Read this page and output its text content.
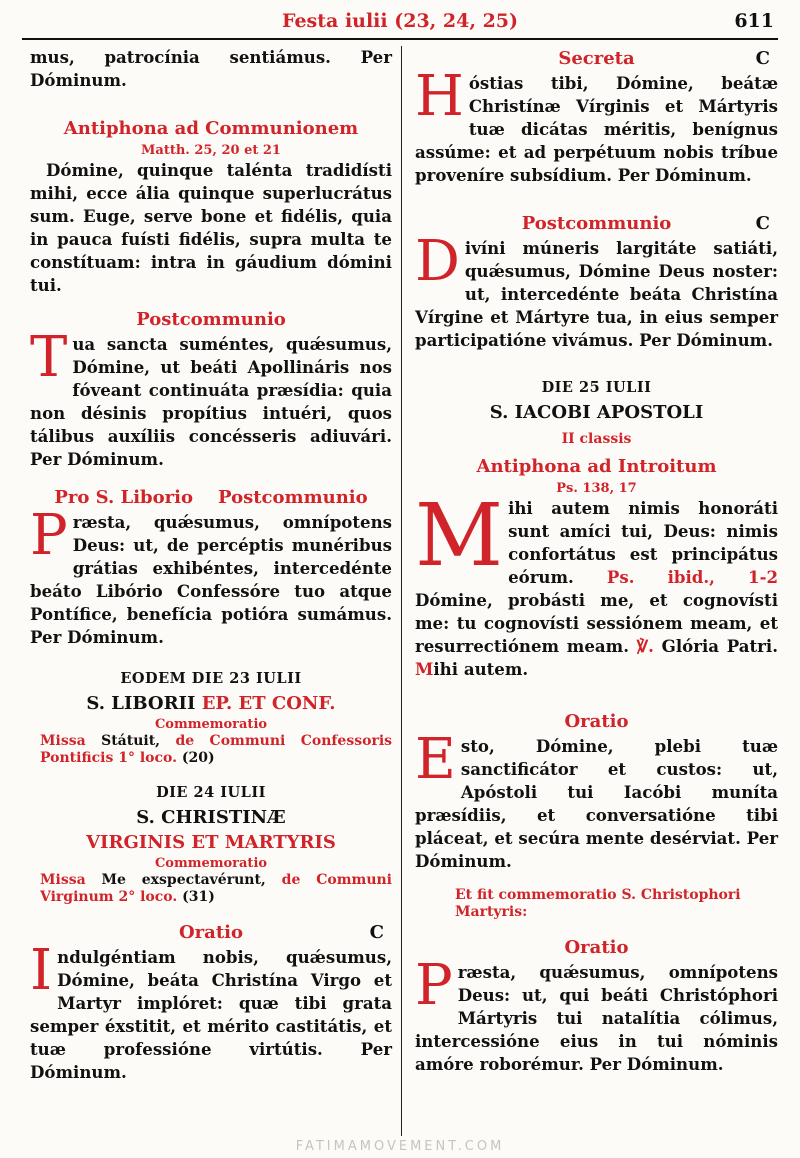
Festa iulii (23, 24, 25)	611

mus, patrocínia sentiámus. Per Dóminum.

Antiphona ad Communionem

Matth. 25, 20 et 21

Dómine, quinque talénta tradidísti mihi, ecce ália quinque superlucrátus sum. Euge, serve bone et fidélis, quia in pauca fuísti fidélis, supra multa te constítuam: intra in gáudium dómini tui.

Postcommunio

Tua sancta suméntes, quǽsumus, Dómine, ut beáti Apollináris nos fóveant continuáta præsídia: quia non désinis propítius intuéri, quos tálibus auxíliis concésseris adiuvári. Per Dóminum.

Pro S. Liborio Postcommunio

Præsta, quǽsumus, omnípotens Deus: ut, de percéptis munéribus grátias exhibéntes, intercedénte beáto Libório Confessóre tuo atque Pontífice, benefícia potióra sumámus. Per Dóminum.

EODEM DIE 23 IULII

S. LIBORII EP. ET CONF.

Commemoratio

Missa Státuit, de Communi Confessoris Pontificis 1° loco. (20)

DIE 24 IULII

S. CHRISTINÆ

VIRGINIS ET MARTYRIS

Commemoratio

Missa Me exspectavérunt, de Communi Virginum 2° loco. (31)

Oratio	C

Indulgéntiam nobis, quǽsumus, Dómine, beáta Christína Virgo et Martyr implóret: quæ tibi grata semper éxstitit, et mérito castitátis, et tuæ professióne virtútis. Per Dóminum.

Secreta	C

Hóstias tibi, Dómine, beátæ Christínæ Vírginis et Mártyris tuæ dicátas méritis, benígnus assúme: et ad perpétuum nobis tríbue proveníre subsídium. Per Dóminum.

Postcommunio	C

Divíni múneris largitáte satiáti, quǽsumus, Dómine Deus noster: ut, intercedénte beáta Christína Vírgine et Mártyre tua, in eius semper participatióne vivámus. Per Dóminum.

DIE 25 IULII

S. IACOBI APOSTOLI

II classis

Antiphona ad Introitum

Ps. 138, 17

Mihi autem nimis honoráti sunt amíci tui, Deus: nimis confortátus est principátus eórum. Ps. ibid., 1-2 Dómine, probásti me, et cognovísti me: tu cognovísti sessiónem meam, et resurrectiónem meam. ℣. Glória Patri. Mihi autem.

Oratio

Esto, Dómine, plebi tuæ sanctificátor et custos: ut, Apóstoli tui Iacóbi muníta præsídiis, et conversatióne tibi pláceat, et secúra mente desérviat. Per Dóminum.

Et fit commemoratio S. Christophori Martyris:

Oratio

Præsta, quǽsumus, omnípotens Deus: ut, qui beáti Christóphori Mártyris tui natalítia cólimus, intercessióne eius in tui nóminis amóre roborémur. Per Dóminum.

FATIMAMOVEMENT.COM
